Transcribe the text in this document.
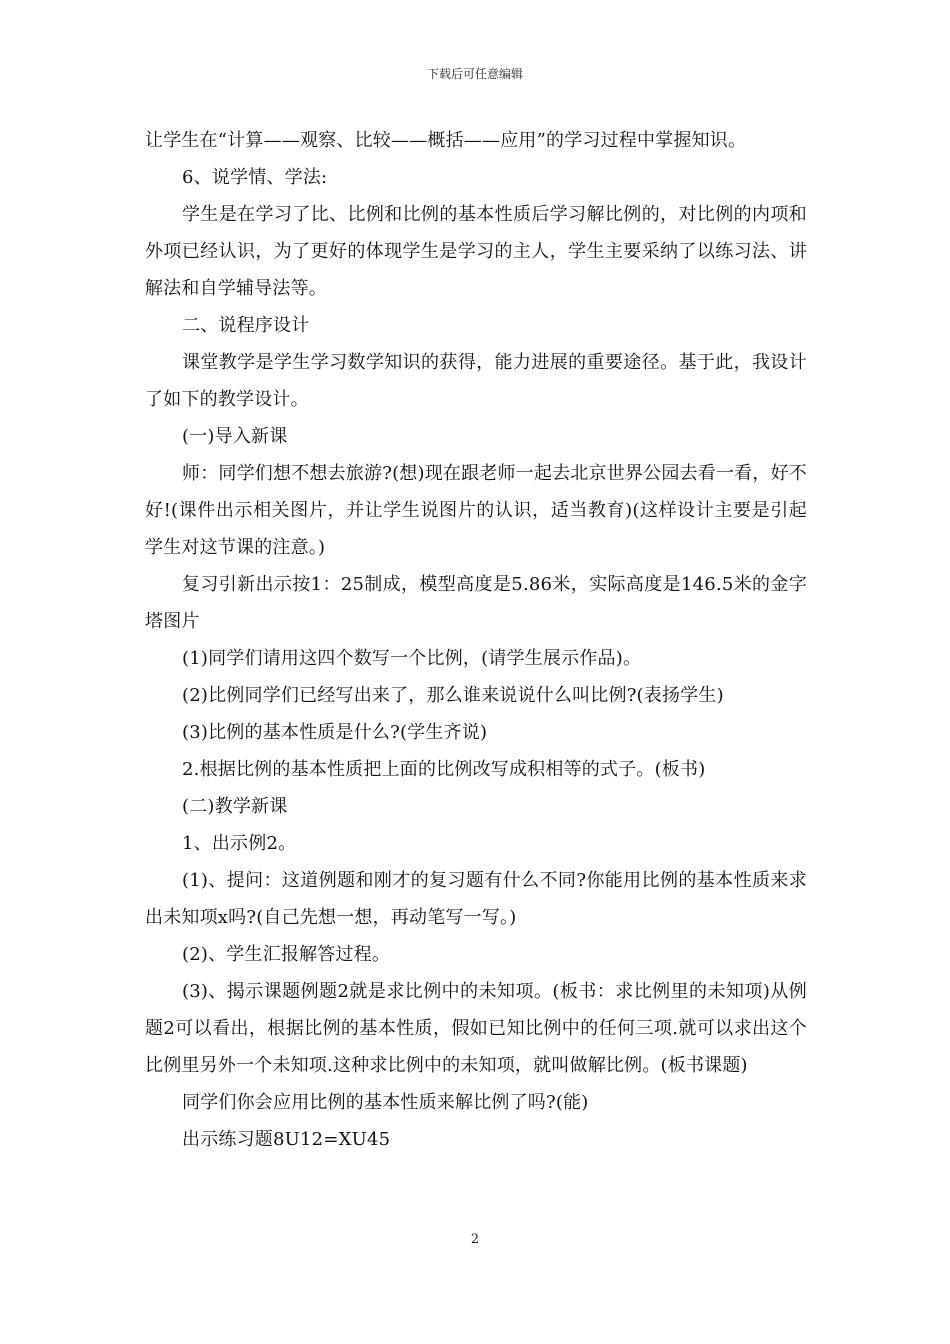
下载后可任意编辑

让学生在“计算——观察、比较——概括——应用”的学习过程中掌握知识。

6、说学情、学法:

学生是在学习了比、比例和比例的基本性质后学习解比例的，对比例的内项和外项已经认识，为了更好的体现学生是学习的主人，学生主要采纳了以练习法、讲解法和自学辅导法等。

二、说程序设计

课堂教学是学生学习数学知识的获得，能力进展的重要途径。基于此，我设计了如下的教学设计。

(一)导入新课

师：同学们想不想去旅游?(想)现在跟老师一起去北京世界公园去看一看，好不好!(课件出示相关图片，并让学生说图片的认识，适当教育)(这样设计主要是引起学生对这节课的注意。)

复习引新出示按1：25制成，模型高度是5.86米，实际高度是146.5米的金字塔图片

(1)同学们请用这四个数写一个比例，(请学生展示作品)。

(2)比例同学们已经写出来了，那么谁来说说什么叫比例?(表扬学生)

(3)比例的基本性质是什么?(学生齐说)

2.根据比例的基本性质把上面的比例改写成积相等的式子。(板书)

(二)教学新课

1、出示例2。

(1)、提问：这道例题和刚才的复习题有什么不同?你能用比例的基本性质来求出未知项x吗?(自己先想一想，再动笔写一写。)

(2)、学生汇报解答过程。

(3)、揭示课题例题2就是求比例中的未知项。(板书：求比例里的未知项)从例题2可以看出，根据比例的基本性质，假如已知比例中的任何三项.就可以求出这个比例里另外一个未知项.这种求比例中的未知项，就叫做解比例。(板书课题)

同学们你会应用比例的基本性质来解比例了吗?(能)

出示练习题8U12=XU45

2
